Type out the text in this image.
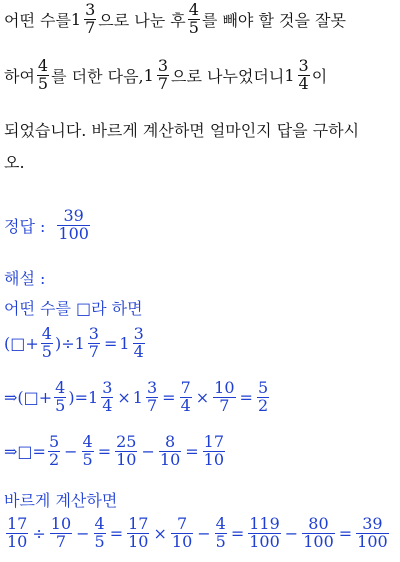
어떤 수를 $1 \frac{3}{7}$ 으로 나눈 후 $\frac{4}{5}$ 를 빼야 할 것을 잘못
하여 $\frac{4}{5}$ 를 더한 다음, $1 \frac{3}{7}$ 으로 나누었더니 $1 \frac{3}{4}$ 이
되었습니다. 바르게 계산하면 얼마인지 답을 구하시
오.
정답 : $\frac{39}{100}$
해설 :
어떤 수를 □라 하면
(□+ $\frac{4}{5}$ )÷ $1 \frac{3}{7} = 1 \frac{3}{4}$
⇒(□+ $\frac{4}{5}$ )= $1 \frac{3}{4} \times 1 \frac{3}{7} = \frac{7}{4} \times \frac{10}{7} = \frac{5}{2}$
⇒□= $\frac{5}{2} - \frac{4}{5} = \frac{25}{10} - \frac{8}{10} = \frac{17}{10}$
바르게 계산하면
$\frac{17}{10} \div \frac{10}{7} - \frac{4}{5} = \frac{17}{10} \times \frac{7}{10} - \frac{4}{5} = \frac{119}{100} - \frac{80}{100} = \frac{39}{100}$
